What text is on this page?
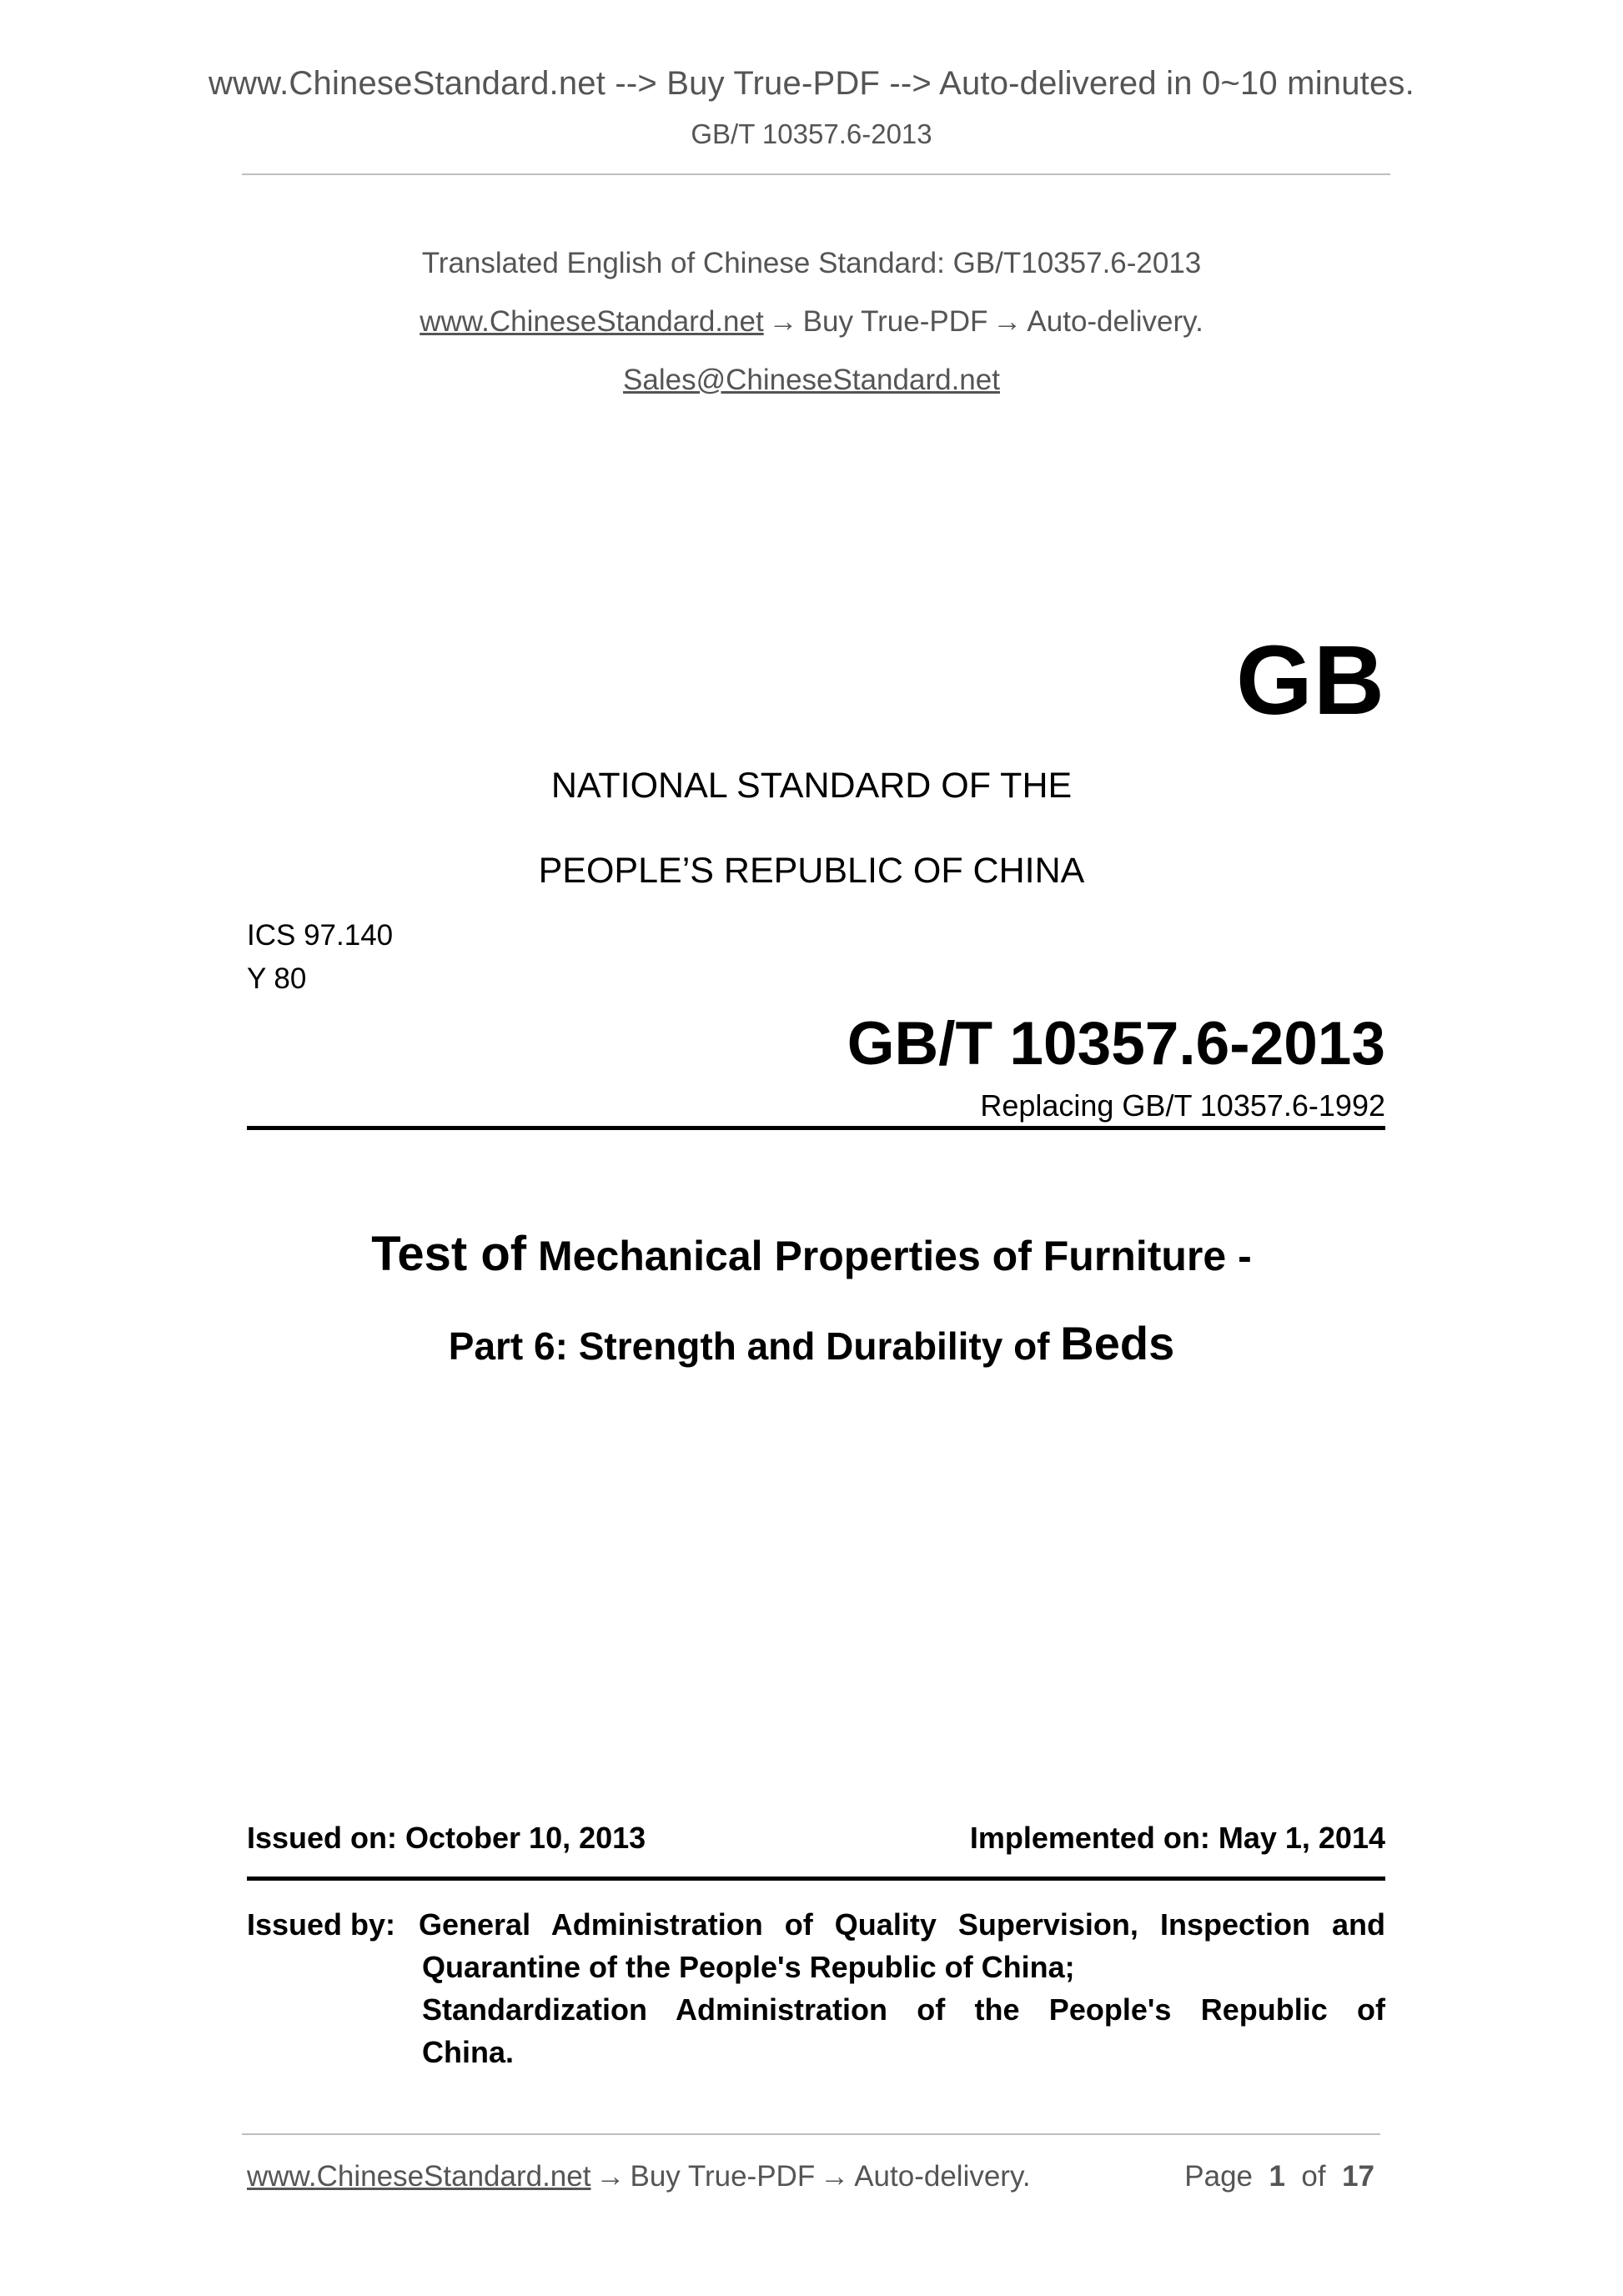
www.ChineseStandard.net --> Buy True-PDF --> Auto-delivered in 0~10 minutes.
GB/T 10357.6-2013
Translated English of Chinese Standard: GB/T10357.6-2013
www.ChineseStandard.net → Buy True-PDF → Auto-delivery.
Sales@ChineseStandard.net
GB
NATIONAL STANDARD OF THE
PEOPLE’S REPUBLIC OF CHINA
ICS 97.140
Y 80
GB/T 10357.6-2013
Replacing GB/T 10357.6-1992
Test of Mechanical Properties of Furniture -
Part 6: Strength and Durability of Beds
Issued on: October 10, 2013	Implemented on: May 1, 2014
Issued by: General Administration of Quality Supervision, Inspection and
Quarantine of the People's Republic of China;
Standardization Administration of the People's Republic of
China.
www.ChineseStandard.net → Buy True-PDF → Auto-delivery.	Page 1 of 17
